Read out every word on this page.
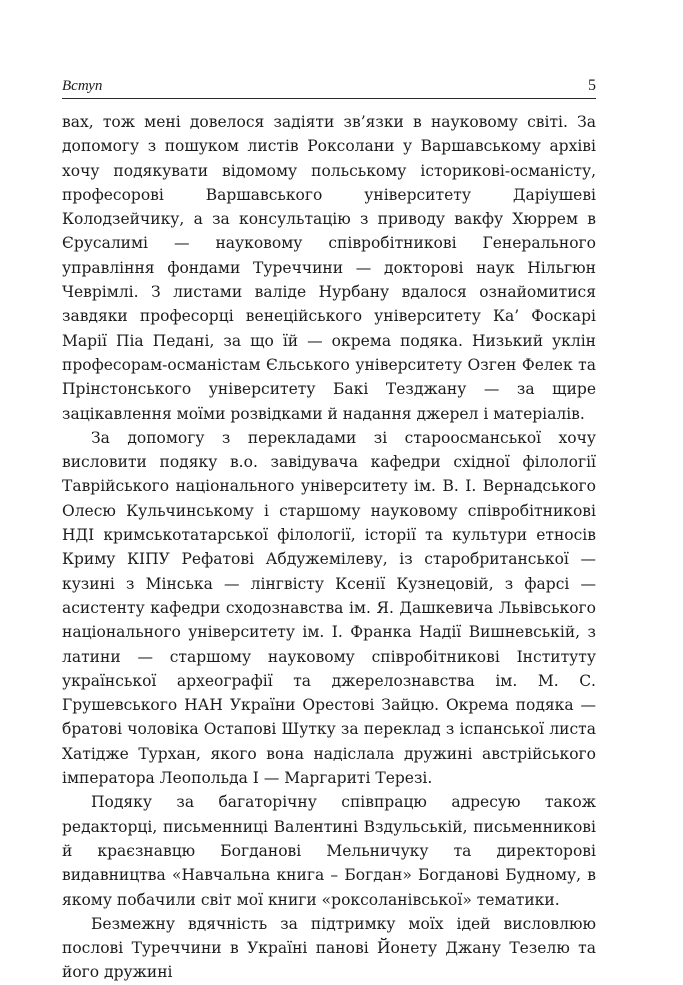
Вступ	5

вах, тож мені довелося задіяти зв’язки в науковому світі. За допомогу з пошуком листів Роксолани у Варшавському архіві хочу подякувати відомому польському історикові-османісту, професорові Варшавського університету Даріушеві Колодзейчику, а за консультацію з приводу вакфу Хюррем в Єрусалимі — науковому співробітникові Генерального управління фондами Туреччини — докторові наук Нільгюн Чеврімлі. З листами валіде Нурбану вдалося ознайомитися завдяки професорці венеційського університету Ка’ Фоскарі Марії Піа Педані, за що їй — окрема подяка. Низький уклін професорам-османістам Єльського університету Озген Фелек та Прінстонського університету Бакі Тезджану — за щире зацікавлення моїми розвідками й надання джерел і матеріалів.

За допомогу з перекладами зі староосманської хочу висловити подяку в.о. завідувача кафедри східної філології Таврійського національного університету ім. В. І. Вернадського Олесю Кульчинському і старшому науковому співробітникові НДІ кримськотатарської філології, історії та культури етносів Криму КІПУ Рефатові Абдужемілеву, із старобританської — кузині з Мінська — лінгвісту Ксенії Кузнецовій, з фарсі — асистенту кафедри сходознавства ім. Я. Дашкевича Львівського національного університету ім. І. Франка Надії Вишневській, з латини — старшому науковому співробітникові Інституту української археографії та джерелознавства ім. М. С. Грушевського НАН України Орестові Зайцю. Окрема подяка — братові чоловіка Остапові Шутку за переклад з іспанської листа Хатідже Турхан, якого вона надіслала дружині австрійського імператора Леопольда І — Маргариті Терезі.

Подяку за багаторічну співпрацю адресую також редакторці, письменниці Валентині Вздульській, письменникові й краєзнавцю Богданові Мельничуку та директорові видавництва «Навчальна книга – Богдан» Богданові Будному, в якому побачили світ мої книги «роксоланівської» тематики.

Безмежну вдячність за підтримку моїх ідей висловлюю послові Туреччини в Україні панові Йонету Джану Тезелю та його дружині
